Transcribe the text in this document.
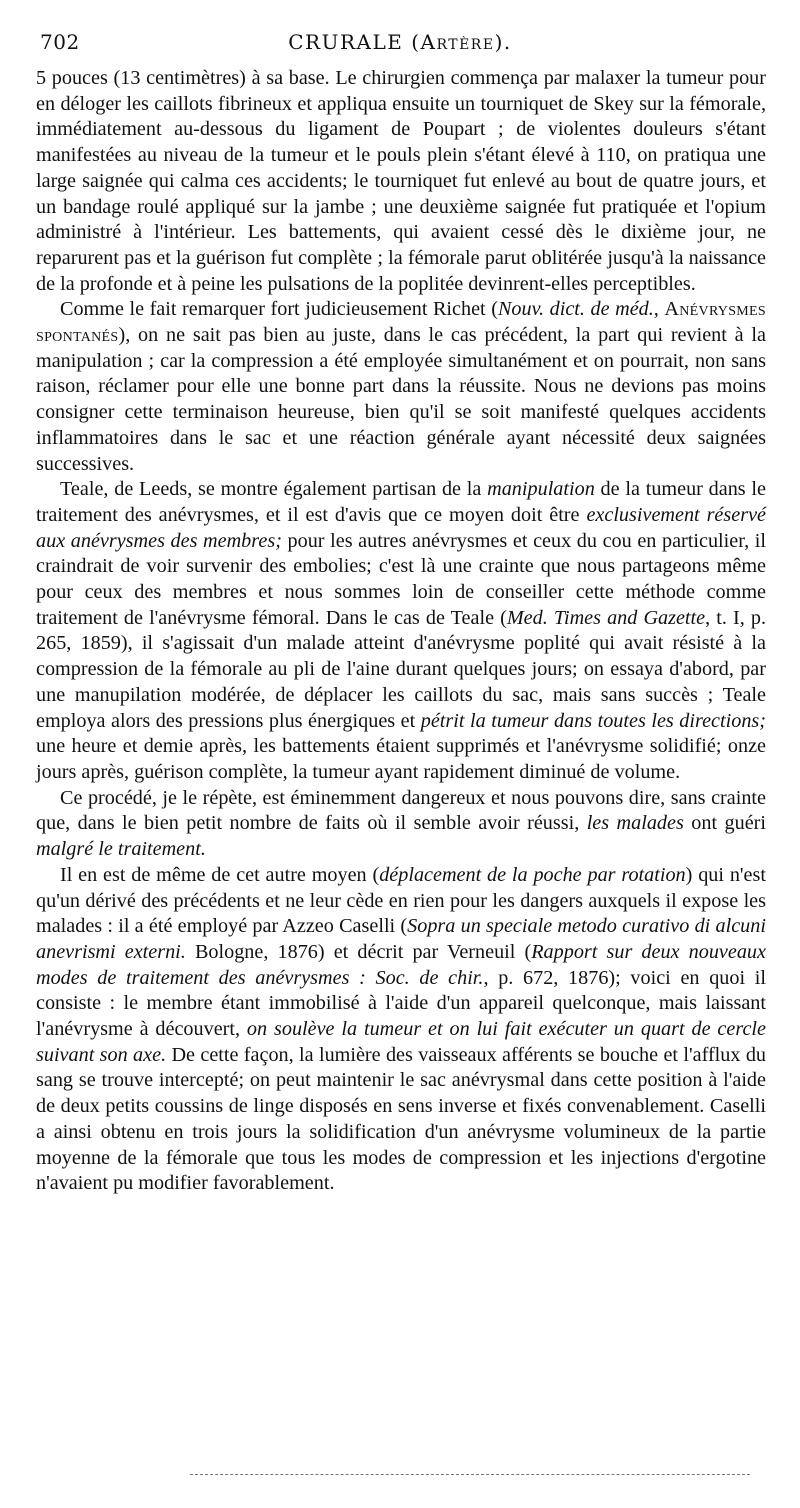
702	CRURALE (Artère).

5 pouces (13 centimètres) à sa base. Le chirurgien commença par malaxer la tumeur pour en déloger les caillots fibrineux et appliqua ensuite un tourniquet de Skey sur la fémorale, immédiatement au-dessous du ligament de Poupart ; de violentes douleurs s'étant manifestées au niveau de la tumeur et le pouls plein s'étant élevé à 110, on pratiqua une large saignée qui calma ces accidents; le tourniquet fut enlevé au bout de quatre jours, et un bandage roulé appliqué sur la jambe ; une deuxième saignée fut pratiquée et l'opium administré à l'intérieur. Les battements, qui avaient cessé dès le dixième jour, ne reparurent pas et la guérison fut complète ; la fémorale parut oblitérée jusqu'à la naissance de la profonde et à peine les pulsations de la poplitée devinrent-elles perceptibles.

Comme le fait remarquer fort judicieusement Richet (Nouv. dict. de méd., Anévrysmes spontanés), on ne sait pas bien au juste, dans le cas précédent, la part qui revient à la manipulation ; car la compression a été employée simultanément et on pourrait, non sans raison, réclamer pour elle une bonne part dans la réussite. Nous ne devions pas moins consigner cette terminaison heureuse, bien qu'il se soit manifesté quelques accidents inflammatoires dans le sac et une réaction générale ayant nécessité deux saignées successives.

Teale, de Leeds, se montre également partisan de la manipulation de la tumeur dans le traitement des anévrysmes, et il est d'avis que ce moyen doit être exclusivement réservé aux anévrysmes des membres; pour les autres anévrysmes et ceux du cou en particulier, il craindrait de voir survenir des embolies; c'est là une crainte que nous partageons même pour ceux des membres et nous sommes loin de conseiller cette méthode comme traitement de l'anévrysme fémoral. Dans le cas de Teale (Med. Times and Gazette, t. I, p. 265, 1859), il s'agissait d'un malade atteint d'anévrysme poplité qui avait résisté à la compression de la fémorale au pli de l'aine durant quelques jours; on essaya d'abord, par une manupilation modérée, de déplacer les caillots du sac, mais sans succès ; Teale employa alors des pressions plus énergiques et pétrit la tumeur dans toutes les directions; une heure et demie après, les battements étaient supprimés et l'anévrysme solidifié; onze jours après, guérison complète, la tumeur ayant rapidement diminué de volume.

Ce procédé, je le répète, est éminemment dangereux et nous pouvons dire, sans crainte que, dans le bien petit nombre de faits où il semble avoir réussi, les malades ont guéri malgré le traitement.

Il en est de même de cet autre moyen (déplacement de la poche par rotation) qui n'est qu'un dérivé des précédents et ne leur cède en rien pour les dangers auxquels il expose les malades : il a été employé par Azzeo Caselli (Sopra un speciale metodo curativo di alcuni anevrismi externi. Bologne, 1876) et décrit par Verneuil (Rapport sur deux nouveaux modes de traitement des anévrysmes : Soc. de chir., p. 672, 1876); voici en quoi il consiste : le membre étant immobilisé à l'aide d'un appareil quelconque, mais laissant l'anévrysme à découvert, on soulève la tumeur et on lui fait exécuter un quart de cercle suivant son axe. De cette façon, la lumière des vaisseaux afférents se bouche et l'afflux du sang se trouve intercepté; on peut maintenir le sac anévrysmal dans cette position à l'aide de deux petits coussins de linge disposés en sens inverse et fixés convenablement. Caselli a ainsi obtenu en trois jours la solidification d'un anévrysme volumineux de la partie moyenne de la fémorale que tous les modes de compression et les injections d'ergotine n'avaient pu modifier favorablement.
